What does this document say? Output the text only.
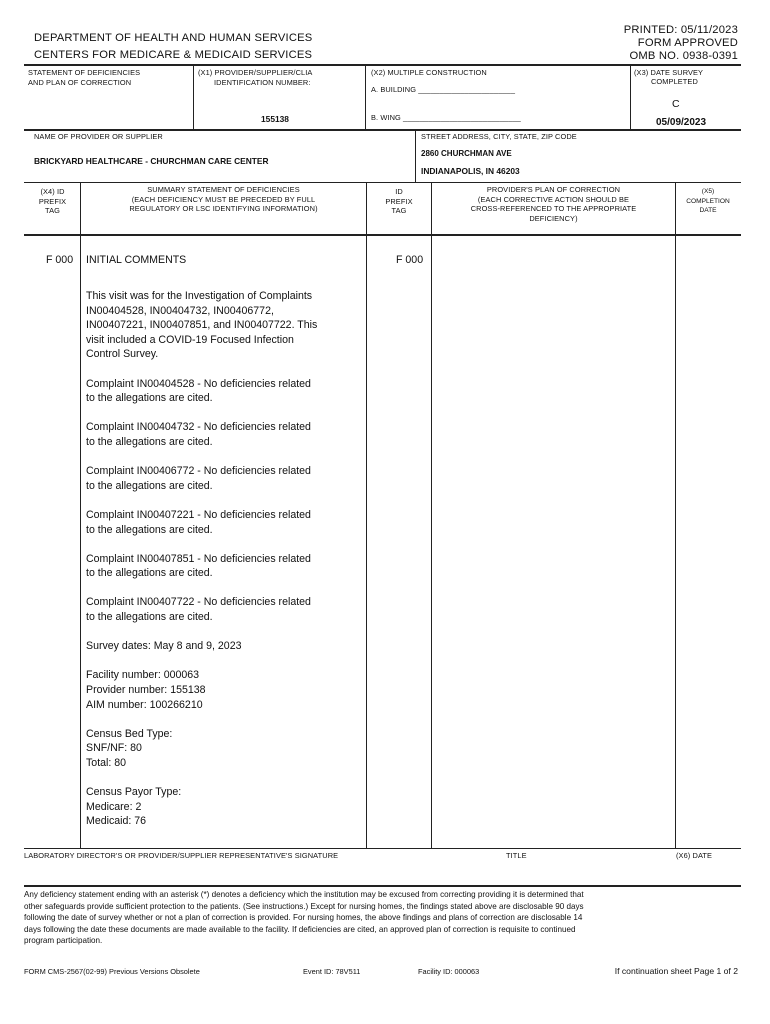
DEPARTMENT OF HEALTH AND HUMAN SERVICES
CENTERS FOR MEDICARE & MEDICAID SERVICES
PRINTED: 05/11/2023
FORM APPROVED
OMB NO. 0938-0391
STATEMENT OF DEFICIENCIES
AND PLAN OF CORRECTION
(X1) PROVIDER/SUPPLIER/CLIA
IDENTIFICATION NUMBER:
155138
(X2) MULTIPLE CONSTRUCTION
A. BUILDING _______________________
B. WING ____________________________
(X3) DATE SURVEY
COMPLETED
C
05/09/2023
NAME OF PROVIDER OR SUPPLIER
BRICKYARD HEALTHCARE - CHURCHMAN CARE CENTER
STREET ADDRESS, CITY, STATE, ZIP CODE
2860 CHURCHMAN AVE
INDIANAPOLIS, IN 46203
(X4) ID
PREFIX
TAG
SUMMARY STATEMENT OF DEFICIENCIES
(EACH DEFICIENCY MUST BE PRECEDED BY FULL
REGULATORY OR LSC IDENTIFYING INFORMATION)
ID
PREFIX
TAG
PROVIDER'S PLAN OF CORRECTION
(EACH CORRECTIVE ACTION SHOULD BE
CROSS-REFERENCED TO THE APPROPRIATE
DEFICIENCY)
(X5)
COMPLETION
DATE
F 000 INITIAL COMMENTS	F 000
This visit was for the Investigation of Complaints
IN00404528, IN00404732, IN00406772,
IN00407221, IN00407851, and IN00407722. This
visit included a COVID-19 Focused Infection
Control Survey.
Complaint IN00404528 - No deficiencies related
to the allegations are cited.
Complaint IN00404732 - No deficiencies related
to the allegations are cited.
Complaint IN00406772 - No deficiencies related
to the allegations are cited.
Complaint IN00407221 - No deficiencies related
to the allegations are cited.
Complaint IN00407851 - No deficiencies related
to the allegations are cited.
Complaint IN00407722 - No deficiencies related
to the allegations are cited.
Survey dates: May 8 and 9, 2023
Facility number: 000063
Provider number: 155138
AIM number: 100266210
Census Bed Type:
SNF/NF: 80
Total: 80
Census Payor Type:
Medicare: 2
Medicaid: 76
LABORATORY DIRECTOR'S OR PROVIDER/SUPPLIER REPRESENTATIVE'S SIGNATURE	TITLE	(X6) DATE
Any deficiency statement ending with an asterisk (*) denotes a deficiency which the institution may be excused from correcting providing it is determined that
other safeguards provide sufficient protection to the patients. (See instructions.) Except for nursing homes, the findings stated above are disclosable 90 days
following the date of survey whether or not a plan of correction is provided. For nursing homes, the above findings and plans of correction are disclosable 14
days following the date these documents are made available to the facility. If deficiencies are cited, an approved plan of correction is requisite to continued
program participation.
FORM CMS-2567(02-99) Previous Versions Obsolete	Event ID: 78V511	Facility ID: 000063	If continuation sheet Page 1 of 2
